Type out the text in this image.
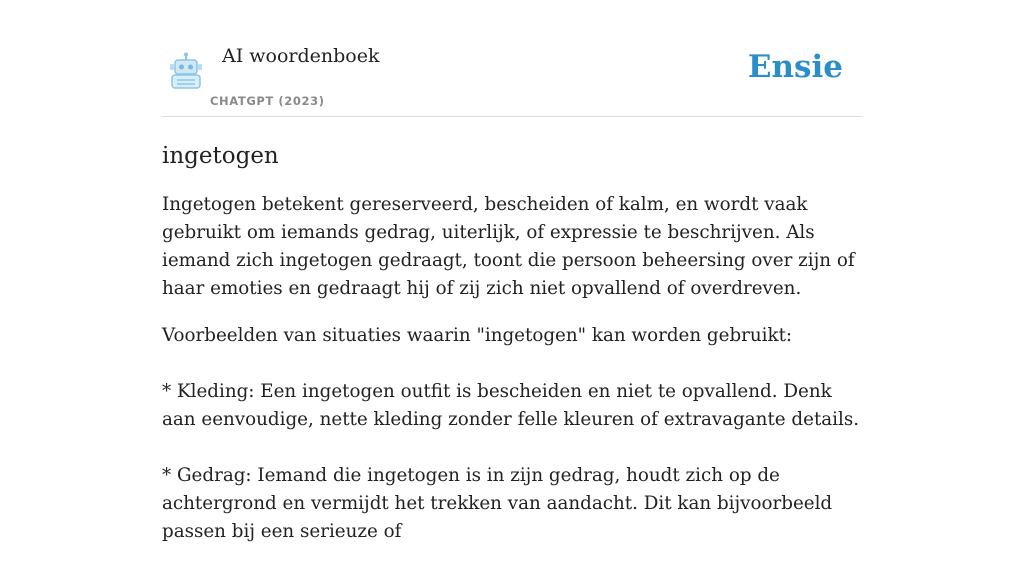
AI woordenboek
CHATGPT (2023)
Ensie
ingetogen

Ingetogen betekent gereserveerd, bescheiden of kalm, en wordt vaak gebruikt om iemands gedrag, uiterlijk, of expressie te beschrijven. Als iemand zich ingetogen gedraagt, toont die persoon beheersing over zijn of haar emoties en gedraagt hij of zij zich niet opvallend of overdreven.

Voorbeelden van situaties waarin "ingetogen" kan worden gebruikt:

* Kleding: Een ingetogen outfit is bescheiden en niet te opvallend. Denk aan eenvoudige, nette kleding zonder felle kleuren of extravagante details.

* Gedrag: Iemand die ingetogen is in zijn gedrag, houdt zich op de achtergrond en vermijdt het trekken van aandacht. Dit kan bijvoorbeeld passen bij een serieuze of
